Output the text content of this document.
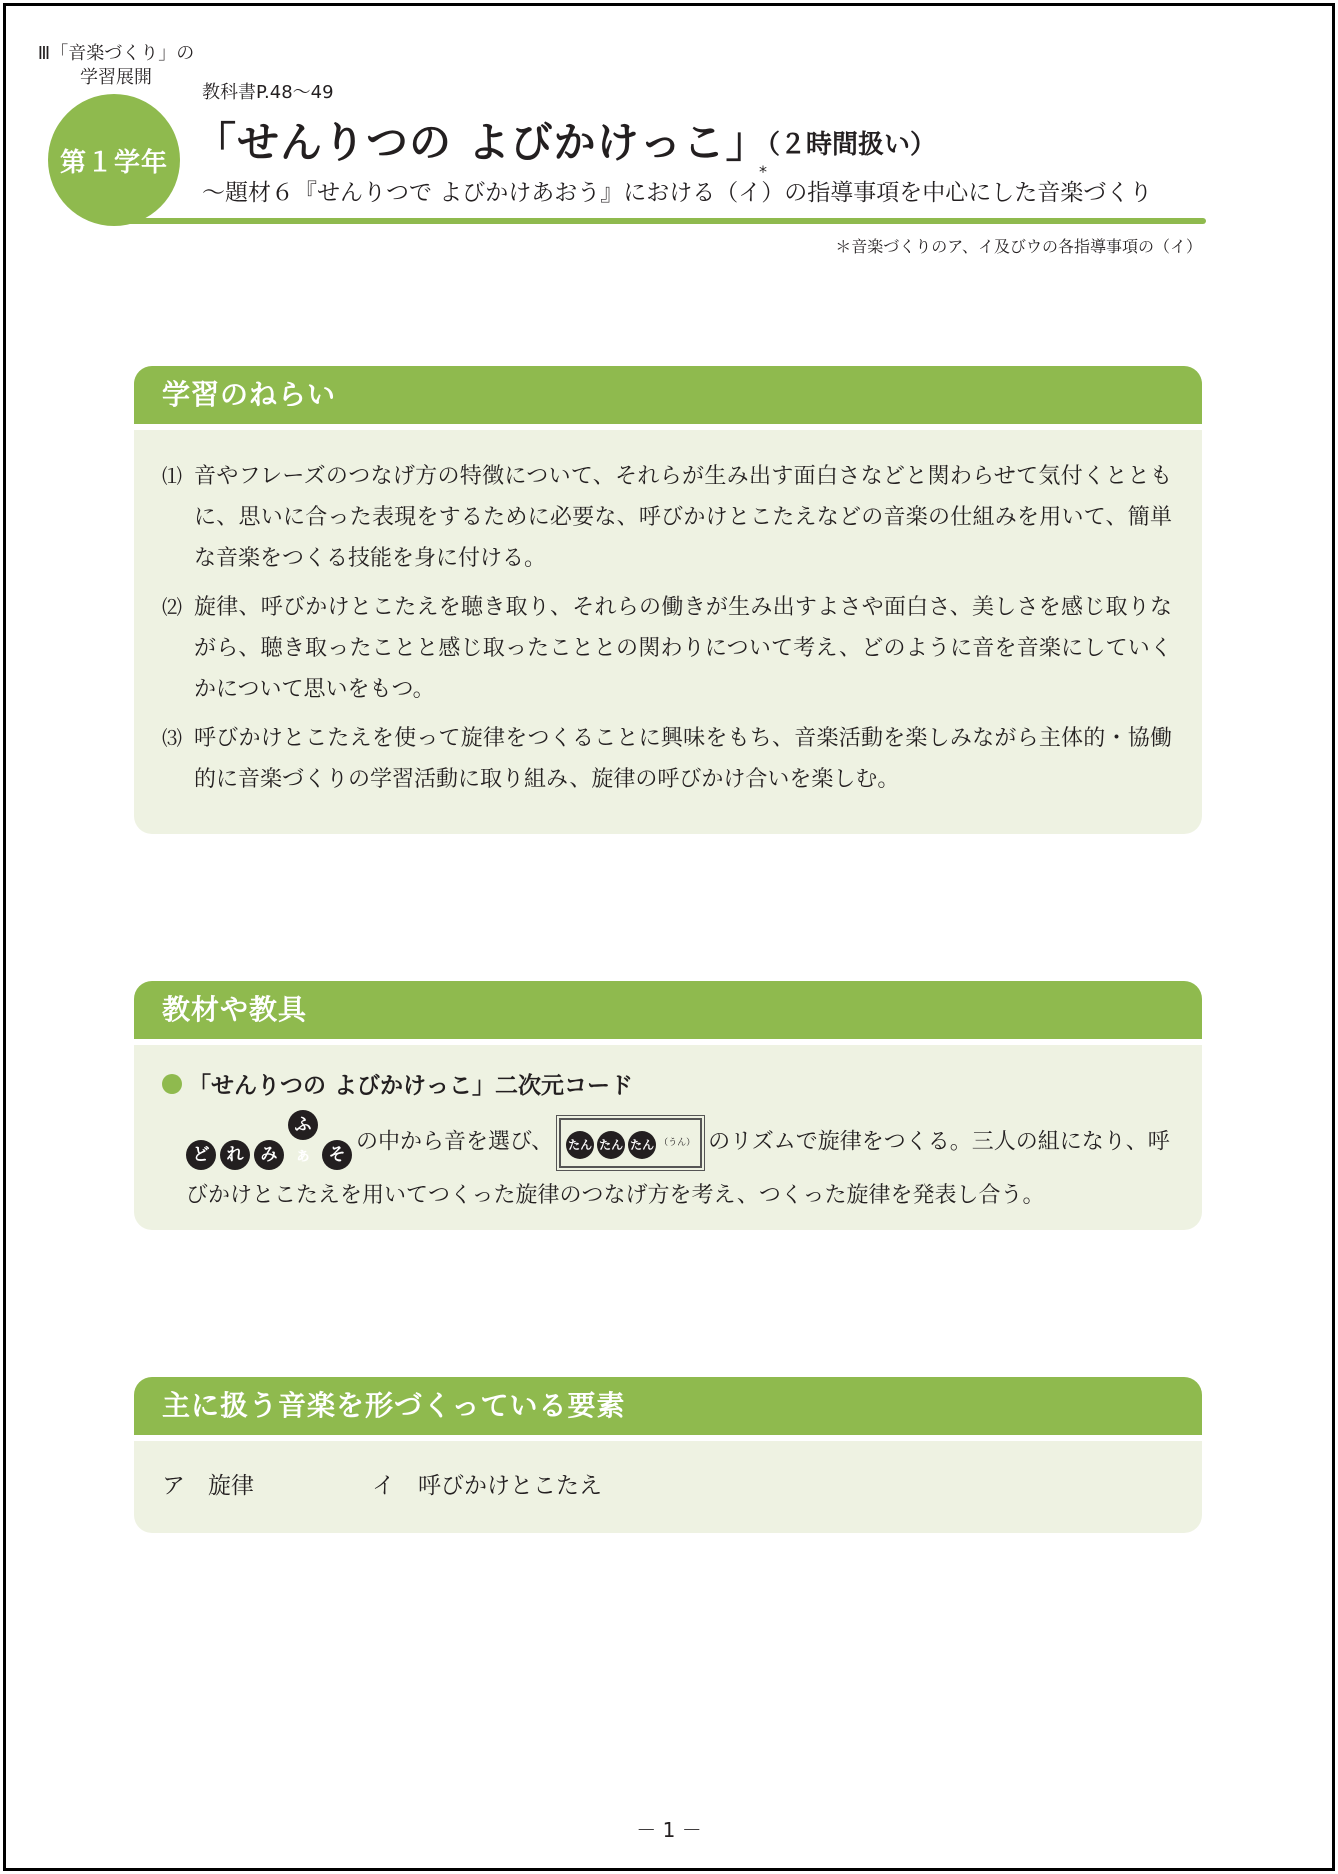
Ⅲ「音楽づくり」の
学習展開
第１学年
教科書P.48～49
「せんりつの よびかけっこ」
（２時間扱い）
～題材６『せんりつで よびかけあおう』における（イ）の指導事項を中心にした音楽づくり
*
＊音楽づくりのア、イ及びウの各指導事項の（イ）
学習のねらい
⑴ 音やフレーズのつなげ方の特徴について、それらが生み出す面白さなどと関わらせて気付くとともに、思いに合った表現をするために必要な、呼びかけとこたえなどの音楽の仕組みを用いて、簡単な音楽をつくる技能を身に付ける。
⑵ 旋律、呼びかけとこたえを聴き取り、それらの働きが生み出すよさや面白さ、美しさを感じ取りながら、聴き取ったことと感じ取ったこととの関わりについて考え、どのように音を音楽にしていくかについて思いをもつ。
⑶ 呼びかけとこたえを使って旋律をつくることに興味をもち、音楽活動を楽しみながら主体的・協働的に音楽づくりの学習活動に取り組み、旋律の呼びかけ合いを楽しむ。
教材や教具
「せんりつの よびかけっこ」二次元コード
ど れ みふぁ その中から音を選び、 たん たん たん （うん） のリズムで旋律をつくる。三人の組になり、呼びかけとこたえを用いてつくった旋律のつなげ方を考え、つくった旋律を発表し合う。
主に扱う音楽を形づくっている要素
ア　旋律	イ　呼びかけとこたえ
－ 1 －
